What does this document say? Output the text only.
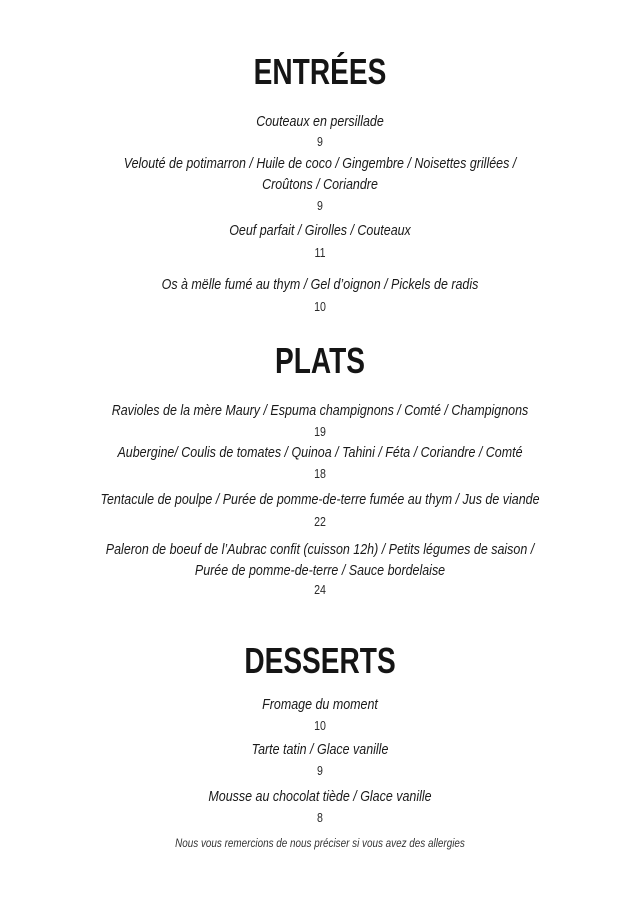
ENTRÉES
Couteaux en persillade
9
Velouté de potimarron / Huile de coco / Gingembre / Noisettes grillées /
Croûtons / Coriandre
9
Oeuf parfait / Girolles / Couteaux
11
Os à mëlle fumé au thym / Gel d’oignon / Pickels de radis
10
PLATS
Ravioles de la mère Maury / Espuma champignons / Comté / Champignons
19
Aubergine/ Coulis de tomates / Quinoa / Tahini / Féta / Coriandre / Comté
18
Tentacule de poulpe / Purée de pomme-de-terre fumée au thym / Jus de viande
22
Paleron de boeuf de l’Aubrac confit (cuisson 12h) / Petits légumes de saison /
Purée de pomme-de-terre / Sauce bordelaise
24
DESSERTS
Fromage du moment
10
Tarte tatin / Glace vanille
9
Mousse au chocolat tiède / Glace vanille
8
Nous vous remercions de nous préciser si vous avez des allergies
